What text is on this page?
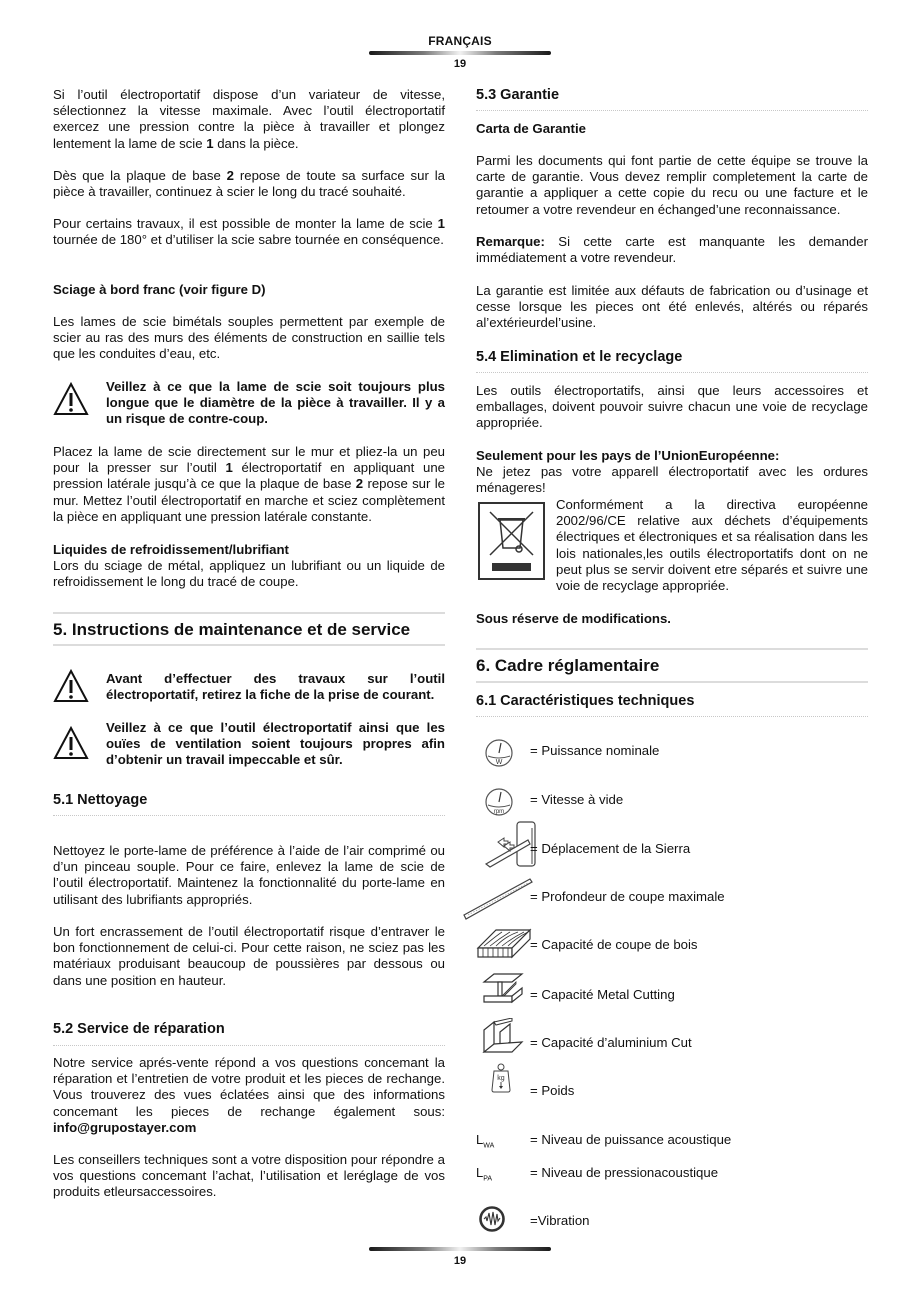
FRANÇAIS
19
Si l’outil électroportatif dispose d’un variateur de vitesse, sélectionnez la vitesse maximale. Avec l’outil électroportatif exercez une pression contre la pièce à travailler et plongez lentement la lame de scie 1 dans la pièce.
Dès que la plaque de base 2 repose de toute sa surface sur la pièce à travailler, continuez à scier le long du tracé souhaité.
Pour certains travaux, il est possible de monter la lame de scie 1 tournée de 180° et d’utiliser la scie sabre tournée en conséquence.
Sciage à bord franc (voir figure D)
Les lames de scie bimétals souples permettent par exemple de scier au ras des murs des éléments de construction en saillie tels que les conduites d’eau, etc.
Veillez à ce que la lame de scie soit toujours plus longue que le diamètre de la pièce à travailler. Il y a un risque de contre-coup.
Placez la lame de scie directement sur le mur et pliez-la un peu pour la presser sur l’outil 1 électroportatif en appliquant une pression latérale jusqu’à ce que la plaque de base 2 repose sur le mur. Mettez l’outil électroportatif en marche et sciez complètement la pièce en appliquant une pression latérale constante.
Liquides de refroidissement/lubrifiant
Lors du sciage de métal, appliquez un lubrifiant ou un liquide de refroidissement le long du tracé de coupe.
5. Instructions de maintenance et de service
Avant d’effectuer des travaux sur l’outil électroportatif, retirez la fiche de la prise de courant.
Veillez à ce que l’outil électroportatif ainsi que les ouïes de ventilation soient toujours propres afin d’obtenir un travail impeccable et sûr.
5.1 Nettoyage
Nettoyez le porte-lame de préférence à l’aide de l’air comprimé ou d’un pinceau souple. Pour ce faire, enlevez la lame de scie de l’outil électroportatif. Maintenez la fonctionnalité du porte-lame en utilisant des lubrifiants appropriés.
Un fort encrassement de l’outil électroportatif risque d’entraver le bon fonctionnement de celui-ci. Pour cette raison, ne sciez pas les matériaux produisant beaucoup de poussières par dessous ou dans une position en hauteur.
5.2 Service de réparation
Notre service aprés-vente répond a vos questions concemant la réparation et l’entretien de votre produit et les pieces de rechange. Vous trouverez des vues éclatées ainsi que des informations concemant les pieces de rechange également sous: info@grupostayer.com
Les conseillers techniques sont a votre disposition pour répondre a vos questions concemant l’achat, l’utilisation et leréglage de vos produits etleursaccessoires.
5.3 Garantie
Carta de Garantie
Parmi les documents qui font partie de cette équipe se trouve la carte de garantie. Vous devez remplir completement la carte de garantie a appliquer a cette copie du recu ou une facture et le retoumer a votre revendeur en échanged’une reconnaissance.
Remarque: Si cette carte est manquante les demander immédiatement a votre revendeur.
La garantie est limitée aux défauts de fabrication ou d’usinage et cesse lorsque les pieces ont été enlevés, altérés ou réparés al’extérieurdel’usine.
5.4 Elimination et le recyclage
Les outils électroportatifs, ainsi que leurs accessoires et emballages, doivent pouvoir suivre chacun une voie de recyclage appropriée.
Seulement pour les pays de l’UnionEuropéenne:
Ne jetez pas votre apparell électroportatif avec les ordures ménageres!
Conformément a la directiva européenne 2002/96/CE relative aux déchets d’équipements électriques et électroniques et sa réalisation dans les lois nationales,les outils électroportatifs dont on ne peut plus se servir doivent etre séparés et suivre une voie de recyclage appropriée.
Sous réserve de modifications.
6. Cadre réglamentaire
6.1 Caractéristiques techniques
W
= Puissance nominale
rpm
= Vitesse à vide
= Déplacement de la Sierra
= Profondeur de coupe maximale
= Capacité de coupe de bois
= Capacité Metal Cutting
= Capacité d’aluminium Cut
kg
= Poids
$L_{WA}$	= Niveau de puissance acoustique
$L_{PA}$	= Niveau de pressionacoustique
=Vibration
19
